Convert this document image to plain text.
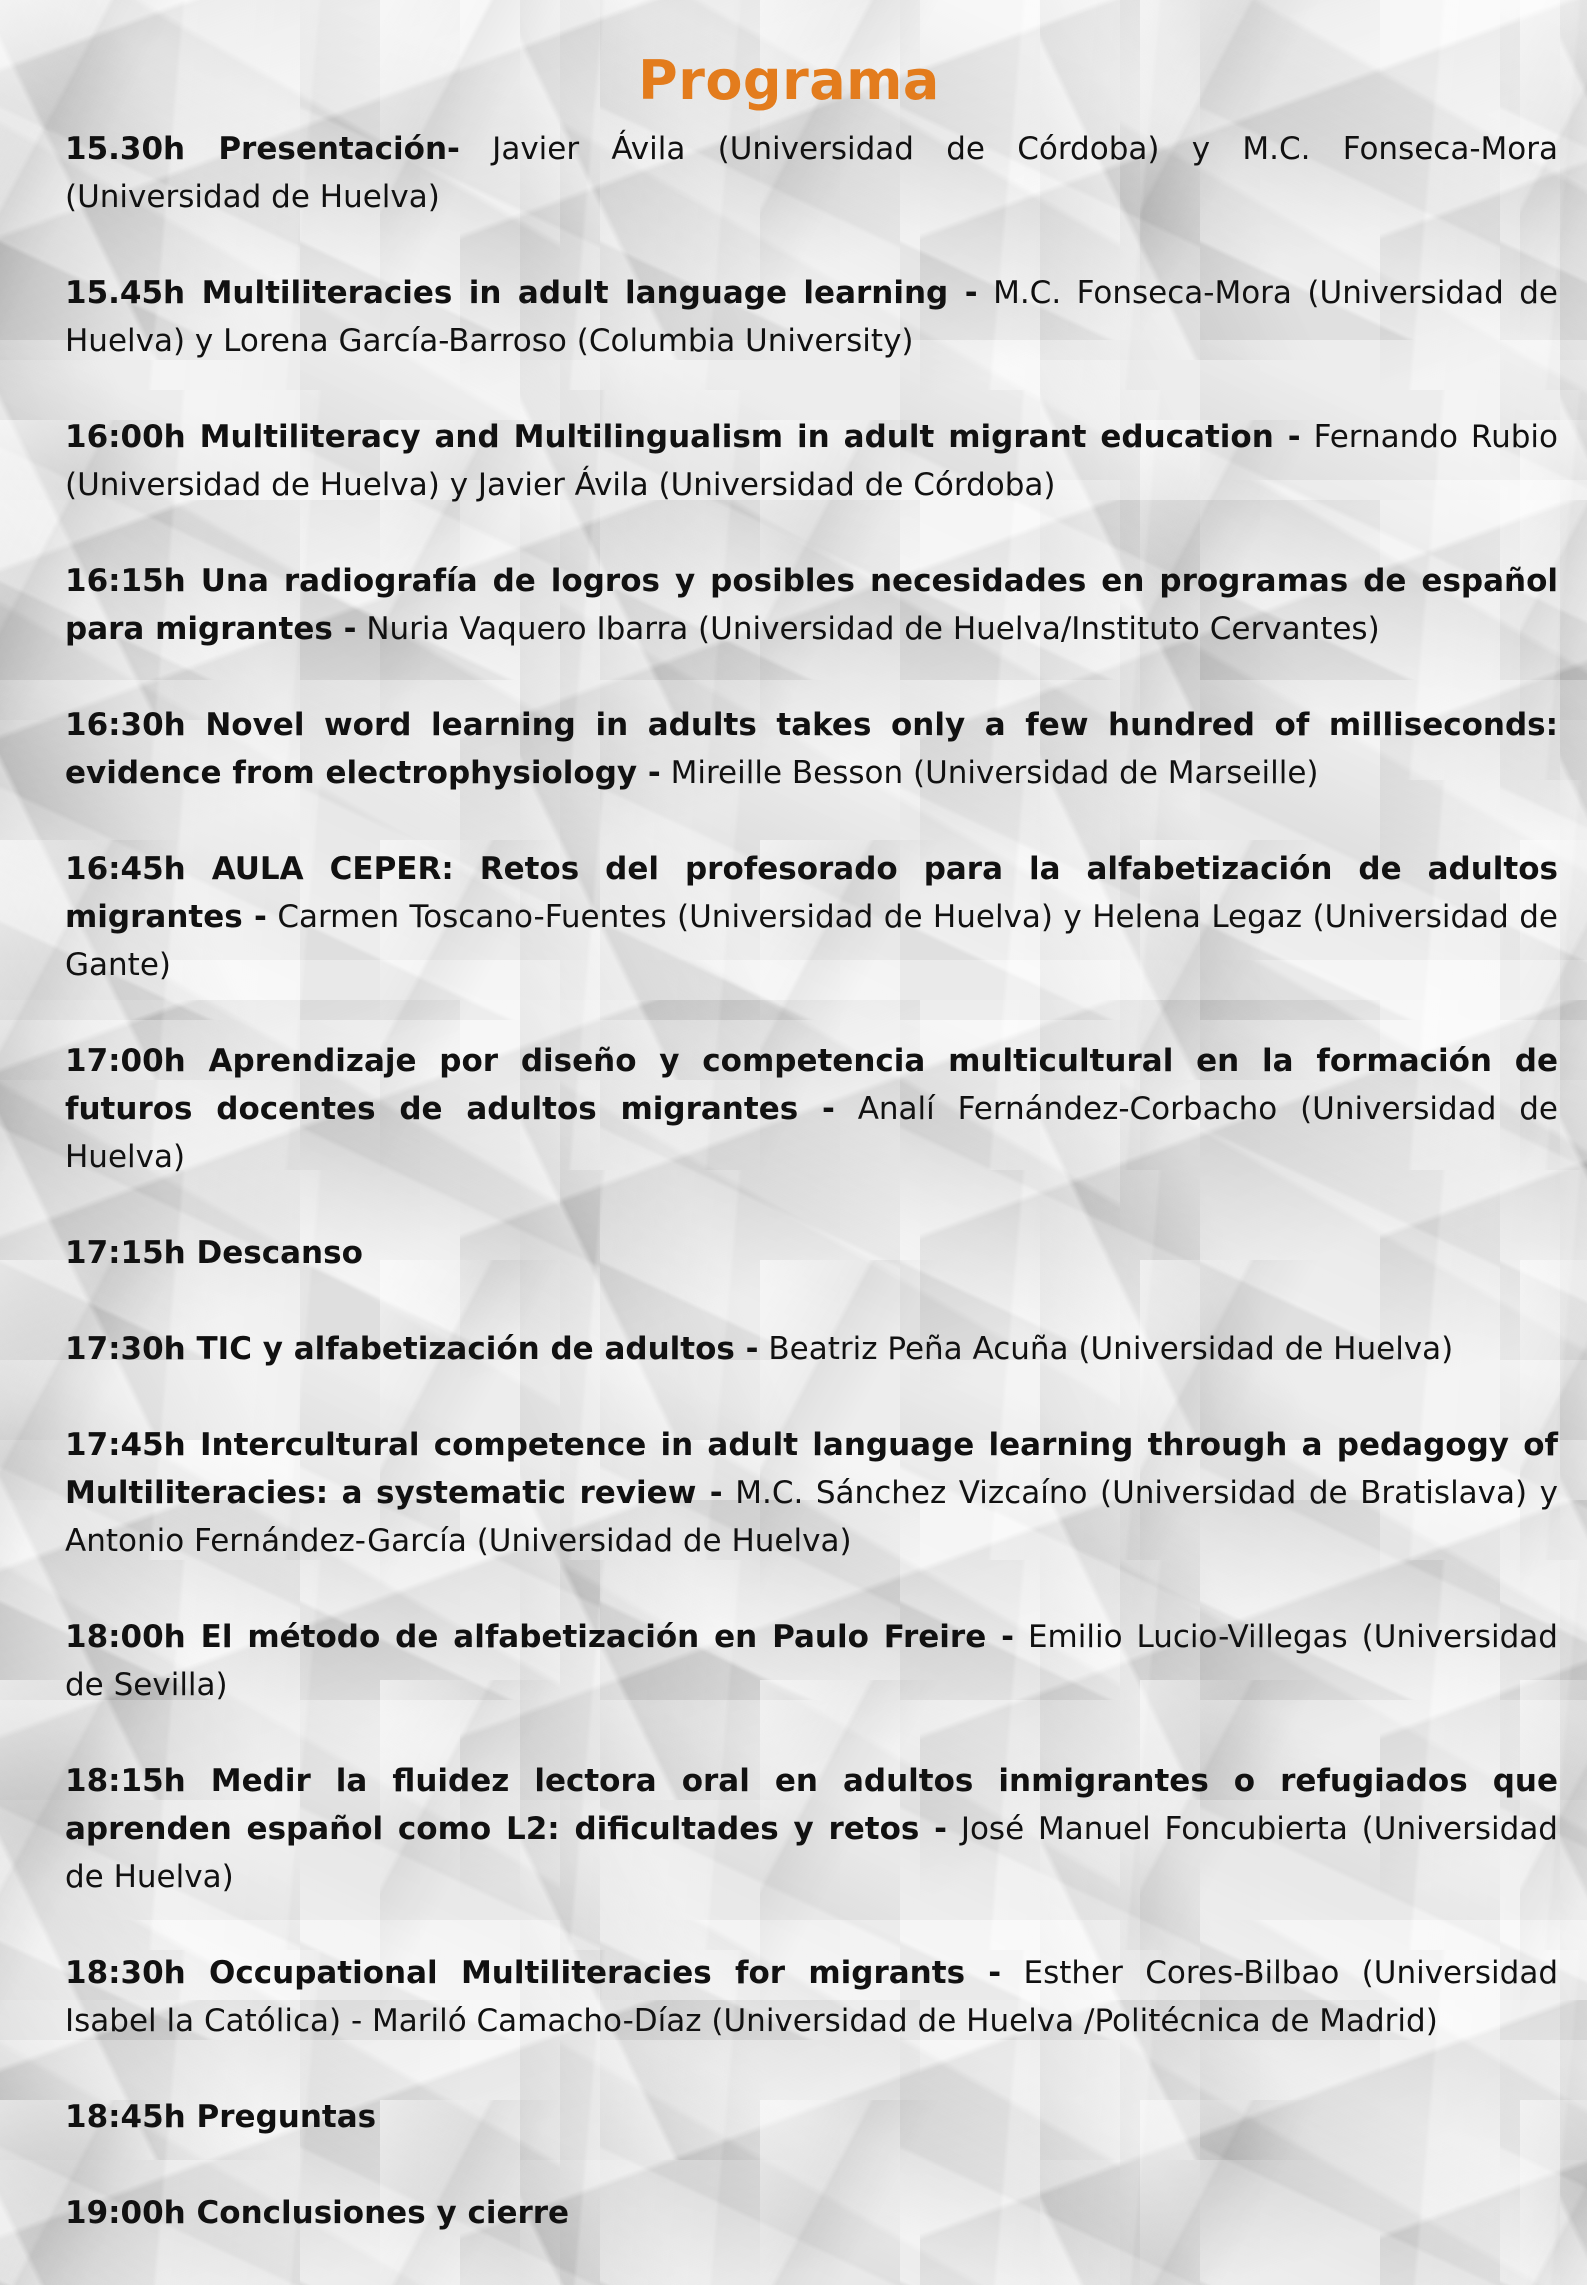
Programa

15.30h Presentación- Javier Ávila (Universidad de Córdoba) y M.C. Fonseca-Mora (Universidad de Huelva)

15.45h Multiliteracies in adult language learning - M.C. Fonseca-Mora (Universidad de Huelva) y Lorena García-Barroso (Columbia University)

16:00h Multiliteracy and Multilingualism in adult migrant education - Fernando Rubio (Universidad de Huelva) y Javier Ávila (Universidad de Córdoba)

16:15h Una radiografía de logros y posibles necesidades en programas de español para migrantes - Nuria Vaquero Ibarra (Universidad de Huelva/Instituto Cervantes)

16:30h Novel word learning in adults takes only a few hundred of milliseconds: evidence from electrophysiology - Mireille Besson (Universidad de Marseille)

16:45h AULA CEPER: Retos del profesorado para la alfabetización de adultos migrantes - Carmen Toscano-Fuentes (Universidad de Huelva) y Helena Legaz (Universidad de Gante)

17:00h Aprendizaje por diseño y competencia multicultural en la formación de futuros docentes de adultos migrantes - Analí Fernández-Corbacho (Universidad de Huelva)

17:15h Descanso

17:30h TIC y alfabetización de adultos - Beatriz Peña Acuña (Universidad de Huelva)

17:45h Intercultural competence in adult language learning through a pedagogy of Multiliteracies: a systematic review - M.C. Sánchez Vizcaíno (Universidad de Bratislava) y Antonio Fernández-García (Universidad de Huelva)

18:00h El método de alfabetización en Paulo Freire - Emilio Lucio-Villegas (Universidad de Sevilla)

18:15h Medir la fluidez lectora oral en adultos inmigrantes o refugiados que aprenden español como L2: dificultades y retos - José Manuel Foncubierta (Universidad de Huelva)

18:30h Occupational Multiliteracies for migrants - Esther Cores-Bilbao (Universidad Isabel la Católica) - Mariló Camacho-Díaz (Universidad de Huelva /Politécnica de Madrid)

18:45h Preguntas

19:00h Conclusiones y cierre
